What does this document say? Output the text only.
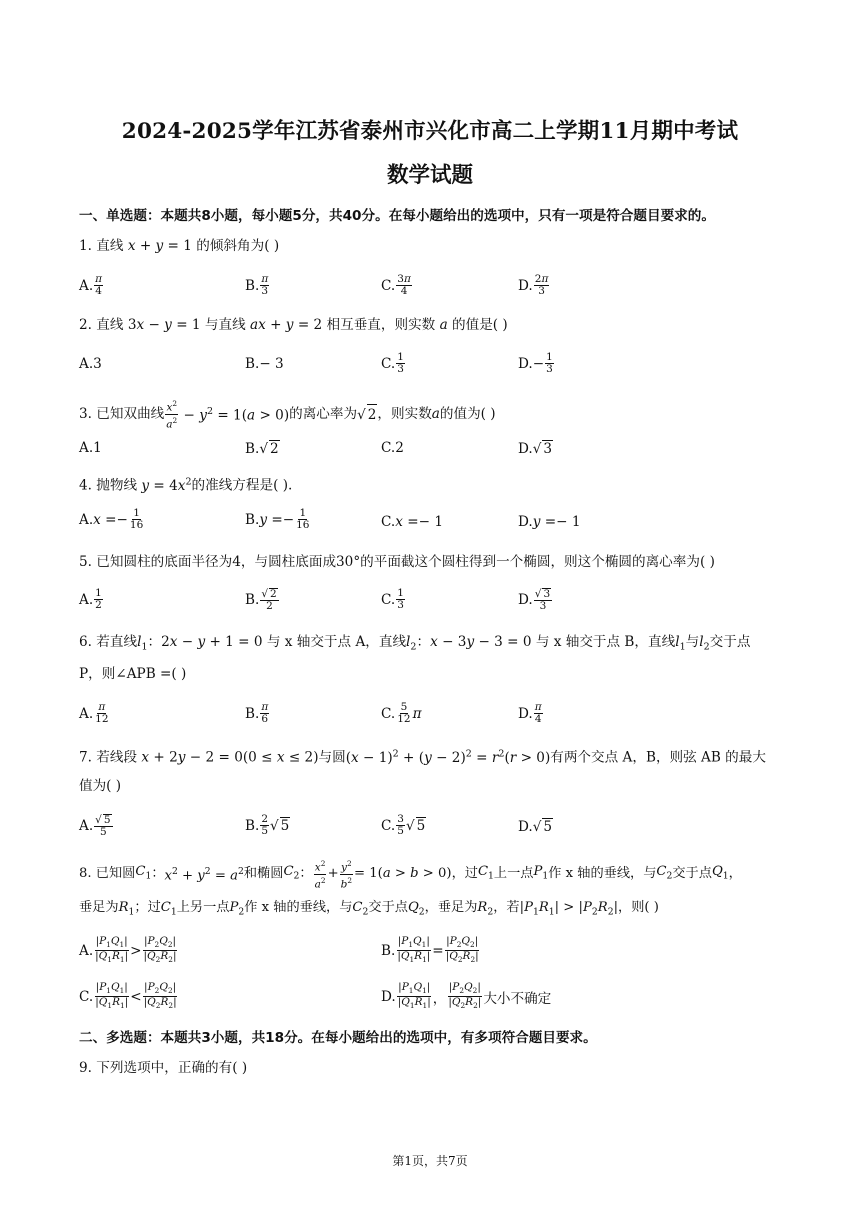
2024-2025学年江苏省泰州市兴化市高二上学期11月期中考试
数学试题
一、单选题：本题共8小题，每小题5分，共40分。在每小题给出的选项中，只有一项是符合题目要求的。
1. 直线 x + y = 1 的倾斜角为( )
A. $\frac{\pi}{4}$	B. $\frac{\pi}{3}$	C. $\frac{3\pi}{4}$	D. $\frac{2\pi}{3}$
2. 直线 3x − y = 1 与直线 ax + y = 2 相互垂直，则实数 a 的值是( )
A. 3	B. − 3	C. $\frac{1}{3}$	D. − $\frac{1}{3}$
3. 已知双曲线 $\frac{x^2}{a^2} - y^2 = 1(a > 0)$ 的离心率为 √ 2 ，则实数 a 的值为( )
A. 1	B. √ 2	C. 2	D. √ 3
4. 抛物线 $y = 4x^2$的准线方程是( ).
A. $x =- \frac{1}{16}$	B. $y =- \frac{1}{16}$	C. x =− 1	D. y =− 1
5. 已知圆柱的底面半径为4，与圆柱底面成30°的平面截这个圆柱得到一个椭圆，则这个椭圆的离心率为( )
A. $\frac{1}{2}$	B. $\frac{√ 2}{2}$	C. $\frac{1}{3}$	D. $\frac{√ 3}{3}$
6. 若直线$l_1$：2x − y + 1 = 0 与 x 轴交于点 A，直线$l_2$：x − 3y − 3 = 0 与 x 轴交于点 B，直线$l_1$与$l_2$交于点
P，则∠APB =( )
A. $\frac{\pi}{12}$	B. $\frac{\pi}{6}$	C. $\frac{5}{12}$ π	D. $\frac{\pi}{4}$
7. 若线段 x + 2y − 2 = 0(0 ≤ x ≤ 2)与圆$(x - 1)^2 + (y - 2)^2 = r^2(r > 0)$有两个交点 A，B，则弦 AB 的最大
值为( )
A. $\frac{√ 5}{5}$	B. $\frac{2}{5}$ √ 5	C. $\frac{3}{5}$ √ 5	D. √ 5
8. 已知圆 $C_1$ ： $x^2 + y^2 = a^2$ 和椭圆 $C_2$ ： $\frac{x^2}{a^2} + \frac{y^2}{b^2} = 1(a > b > 0)$ ，过 $C_1$ 上一点 $P_1$ 作 x 轴的垂线，与 $C_2$ 交于点 $Q_1$ ，
垂足为$R_1$；过$C_1$上另一点$P_2$作 x 轴的垂线，与$C_2$交于点$Q_2$，垂足为$R_2$，若$|P_1R_1| > |P_2R_2|$，则( )
A. $\frac{|P_1Q_1|}{|Q_1R_1|} > \frac{|P_2Q_2|}{|Q_2R_2|}$	B. $\frac{|P_1Q_1|}{|Q_1R_1|} = \frac{|P_2Q_2|}{|Q_2R_2|}$
C. $\frac{|P_1Q_1|}{|Q_1R_1|} < \frac{|P_2Q_2|}{|Q_2R_2|}$	D. $\frac{|P_1Q_1|}{|Q_1R_1|}$ ， $\frac{|P_2Q_2|}{|Q_2R_2|}$ 大小不确定
二、多选题：本题共3小题，共18分。在每小题给出的选项中，有多项符合题目要求。
9. 下列选项中，正确的有( )
第1页，共7页
